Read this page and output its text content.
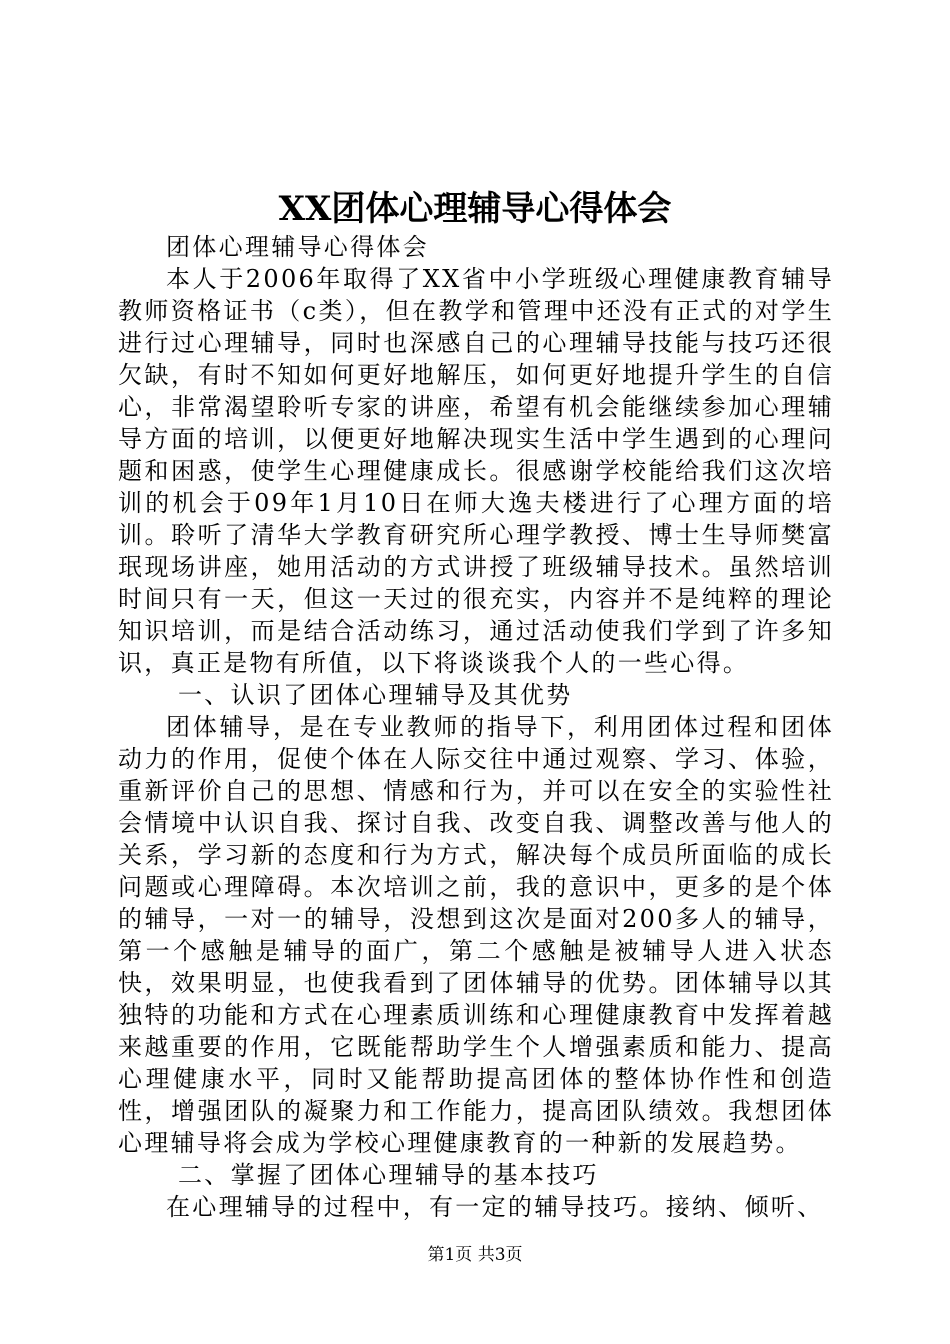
XX团体心理辅导心得体会

团体心理辅导心得体会

本人于2006年取得了XX省中小学班级心理健康教育辅导教师资格证书（c类），但在教学和管理中还没有正式的对学生进行过心理辅导，同时也深感自己的心理辅导技能与技巧还很欠缺，有时不知如何更好地解压，如何更好地提升学生的自信心，非常渴望聆听专家的讲座，希望有机会能继续参加心理辅导方面的培训，以便更好地解决现实生活中学生遇到的心理问题和困惑，使学生心理健康成长。很感谢学校能给我们这次培训的机会于09年1月10日在师大逸夫楼进行了心理方面的培训。聆听了清华大学教育研究所心理学教授、博士生导师樊富珉现场讲座，她用活动的方式讲授了班级辅导技术。虽然培训时间只有一天，但这一天过的很充实，内容并不是纯粹的理论知识培训，而是结合活动练习，通过活动使我们学到了许多知识，真正是物有所值，以下将谈谈我个人的一些心得。

一、认识了团体心理辅导及其优势

团体辅导，是在专业教师的指导下，利用团体过程和团体动力的作用，促使个体在人际交往中通过观察、学习、体验，重新评价自己的思想、情感和行为，并可以在安全的实验性社会情境中认识自我、探讨自我、改变自我、调整改善与他人的关系，学习新的态度和行为方式，解决每个成员所面临的成长问题或心理障碍。本次培训之前，我的意识中，更多的是个体的辅导，一对一的辅导，没想到这次是面对200多人的辅导，第一个感触是辅导的面广，第二个感触是被辅导人进入状态快，效果明显，也使我看到了团体辅导的优势。团体辅导以其独特的功能和方式在心理素质训练和心理健康教育中发挥着越来越重要的作用，它既能帮助学生个人增强素质和能力、提高心理健康水平，同时又能帮助提高团体的整体协作性和创造性，增强团队的凝聚力和工作能力，提高团队绩效。我想团体心理辅导将会成为学校心理健康教育的一种新的发展趋势。

二、掌握了团体心理辅导的基本技巧

在心理辅导的过程中，有一定的辅导技巧。接纳、倾听、

第1页 共3页
